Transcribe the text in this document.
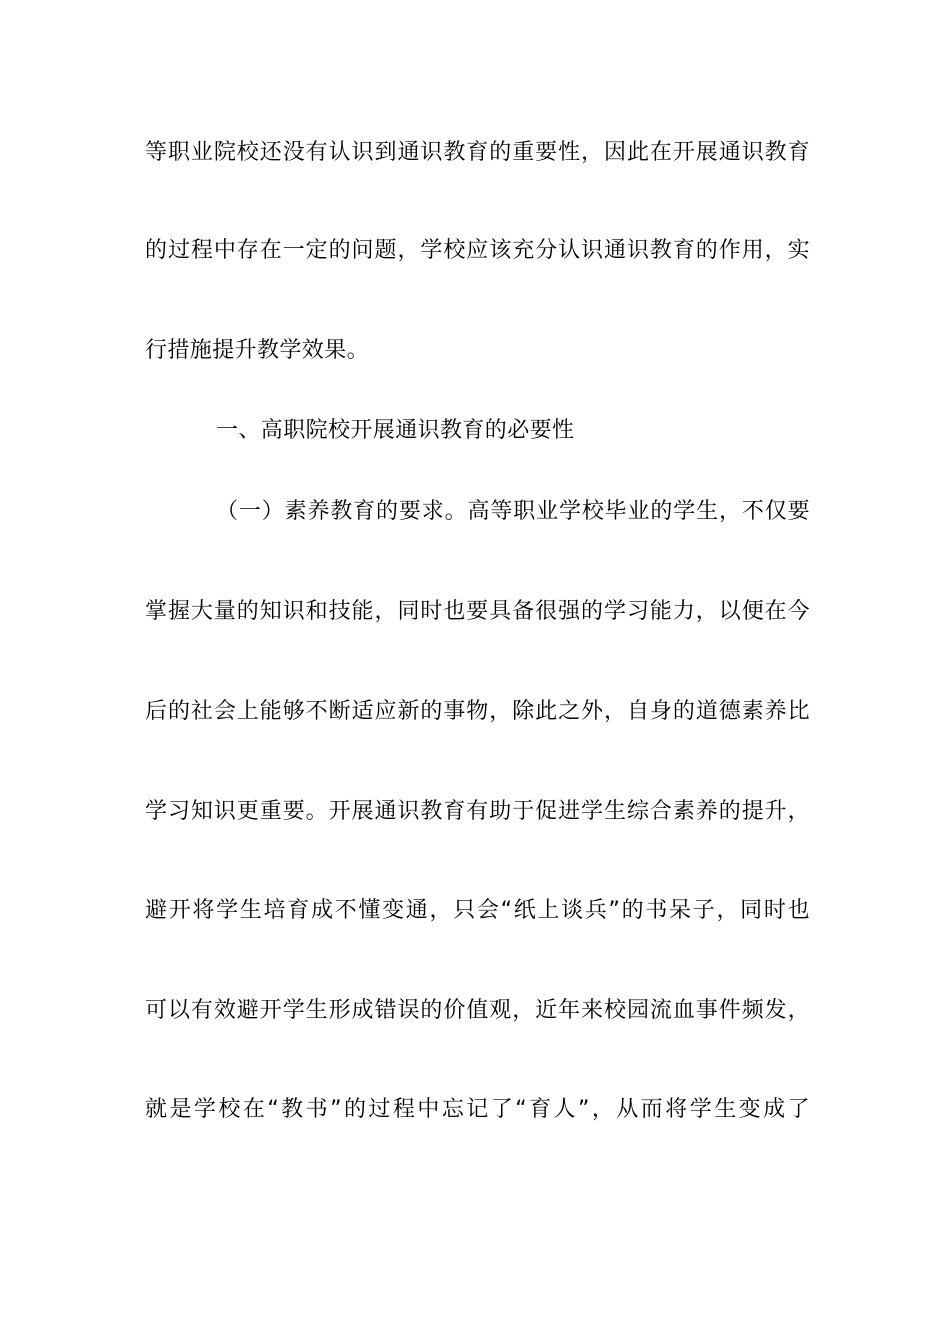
等职业院校还没有认识到通识教育的重要性，因此在开展通识教育
的过程中存在一定的问题，学校应该充分认识通识教育的作用，实
行措施提升教学效果。
一、高职院校开展通识教育的必要性
（一）素养教育的要求。高等职业学校毕业的学生，不仅要
掌握大量的知识和技能，同时也要具备很强的学习能力，以便在今
后的社会上能够不断适应新的事物，除此之外，自身的道德素养比
学习知识更重要。开展通识教育有助于促进学生综合素养的提升，
避开将学生培育成不懂变通，只会“纸上谈兵”的书呆子，同时也
可以有效避开学生形成错误的价值观，近年来校园流血事件频发，
就是学校在“教书”的过程中忘记了“育人”，从而将学生变成了
